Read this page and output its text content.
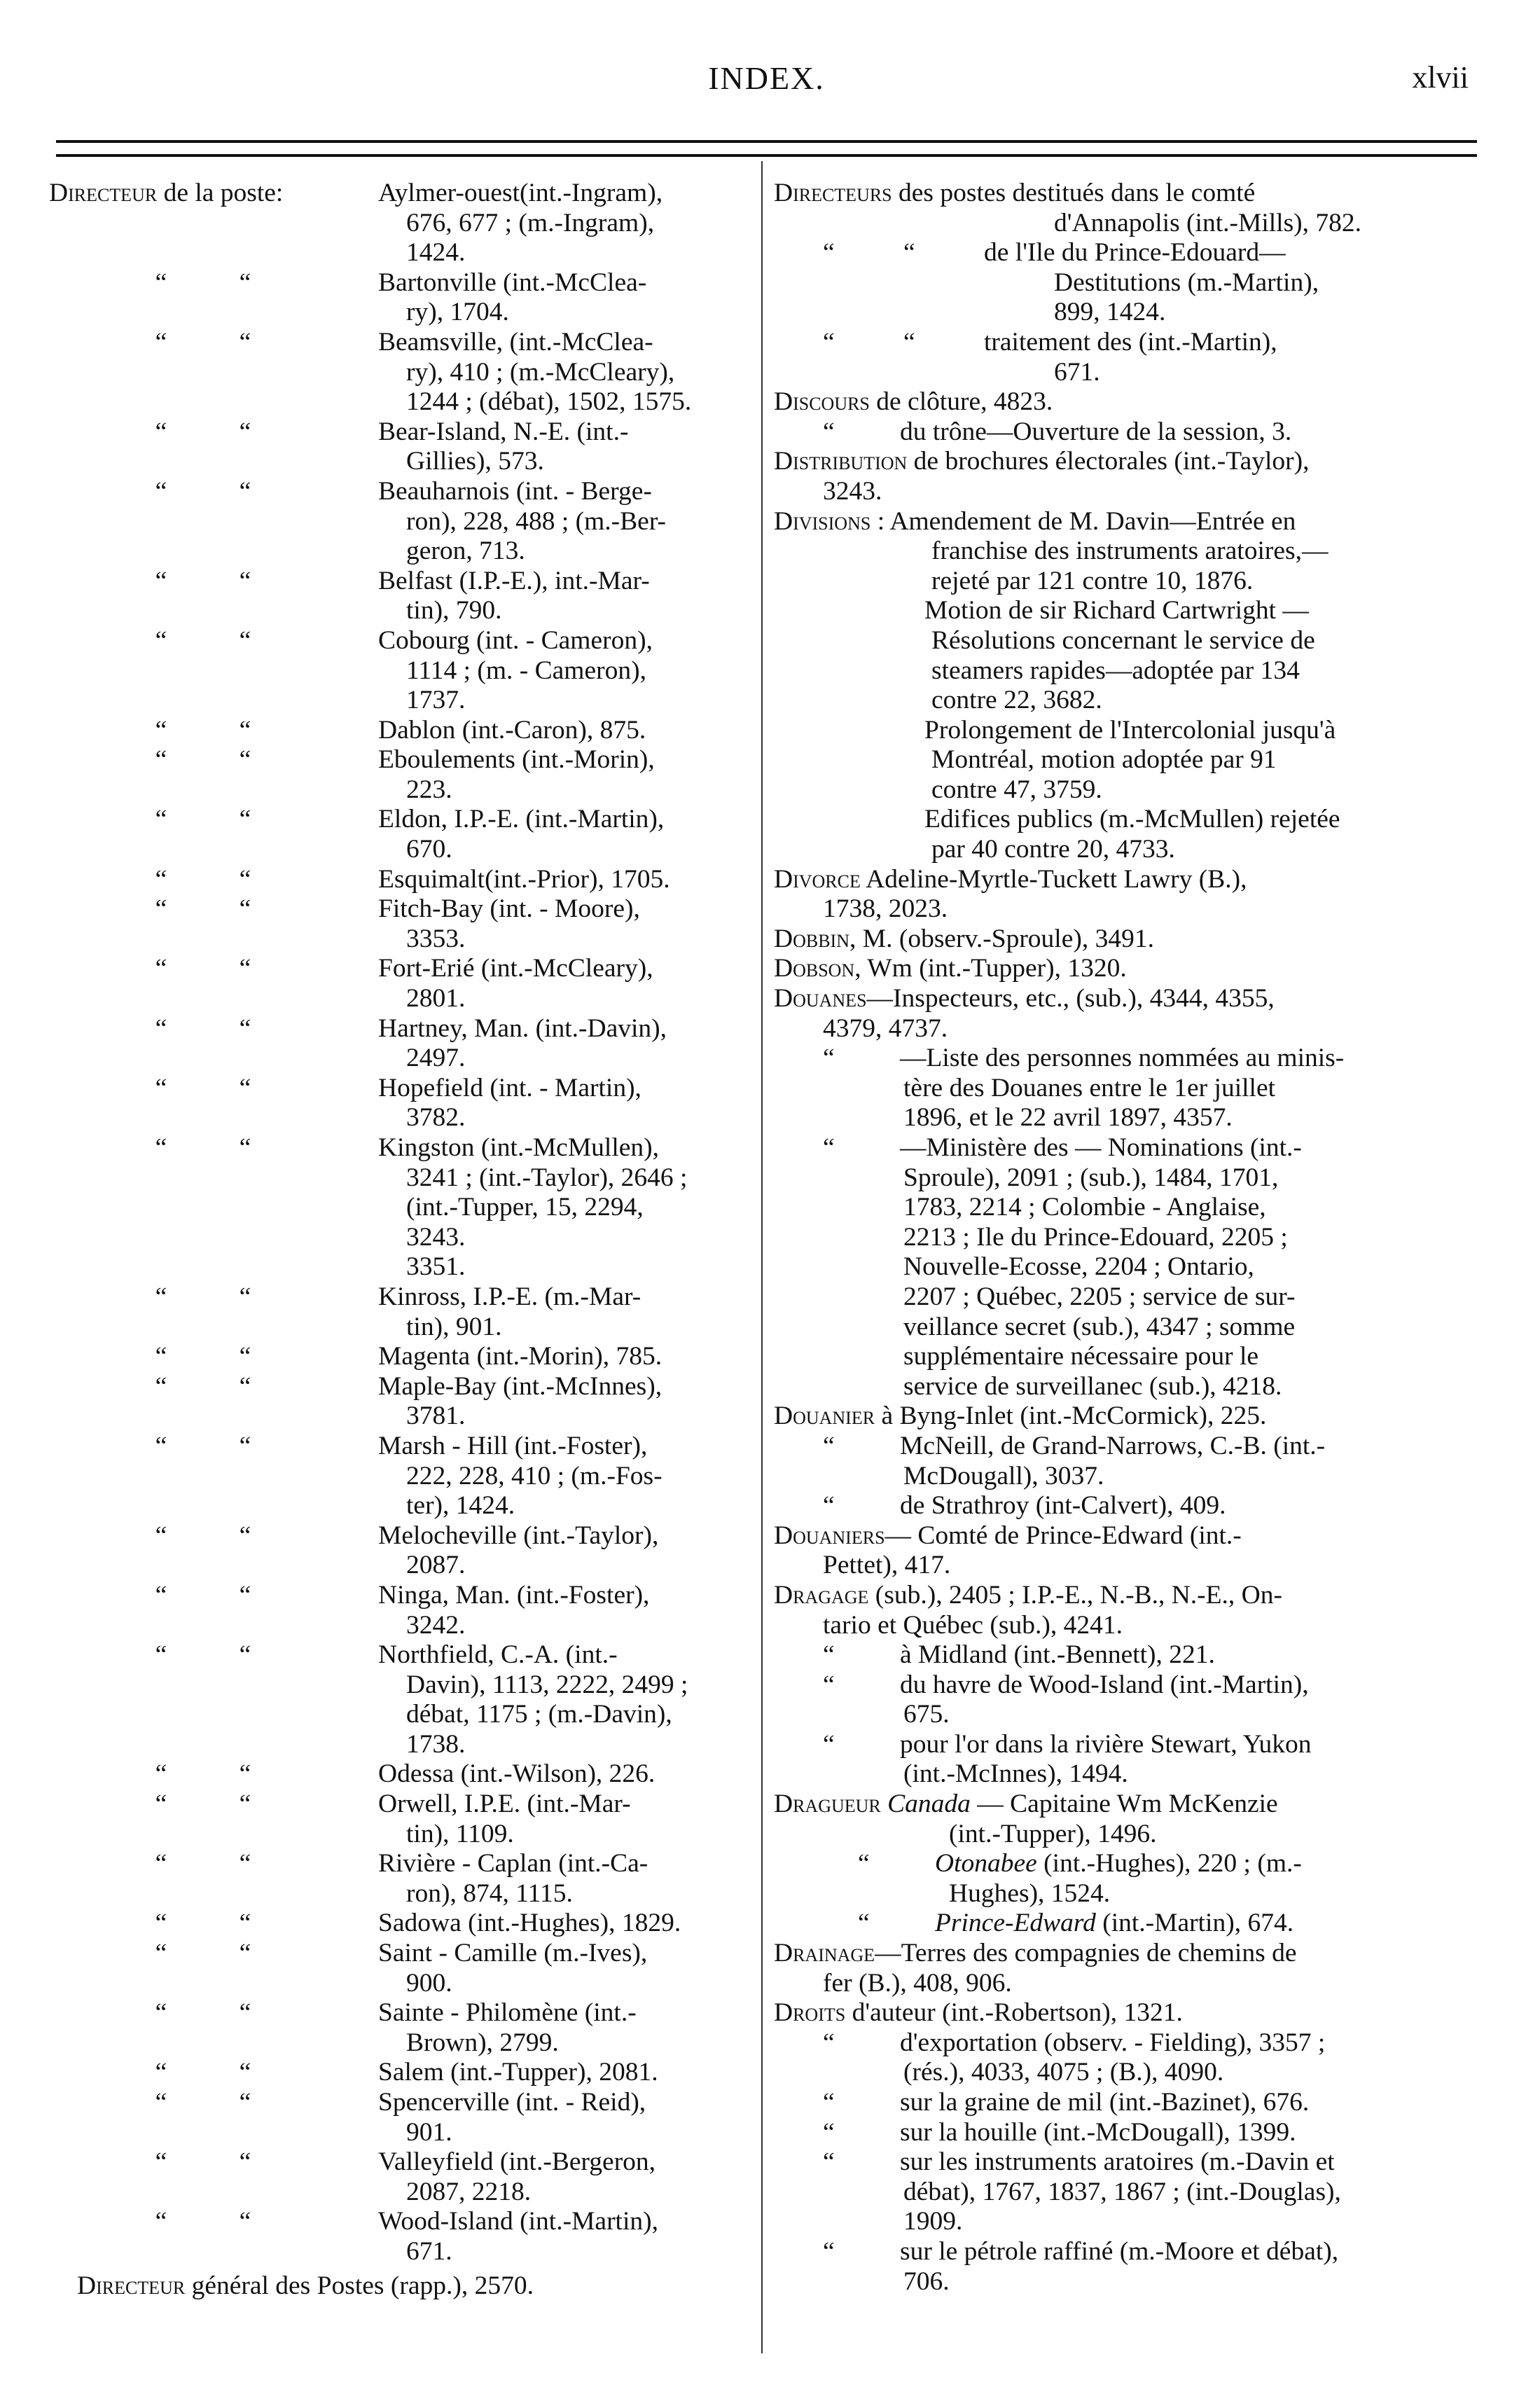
INDEX.	xlvii
Directeur de la poste:	Aylmer-ouest(int.-Ingram),
676, 677 ; (m.-Ingram),
1424.
“	“	Bartonville (int.-McClea-
ry), 1704.
“	“	Beamsville, (int.-McClea-
ry), 410 ; (m.-McCleary),
1244 ; (débat), 1502, 1575.
“	“	Bear-Island, N.-E. (int.-
Gillies), 573.
“	“	Beauharnois (int. - Berge-
ron), 228, 488 ; (m.-Ber-
geron, 713.
“	“	Belfast (I.P.-E.), int.-Mar-
tin), 790.
“	“	Cobourg (int. - Cameron),
1114 ; (m. - Cameron),
1737.
“	“	Dablon (int.-Caron), 875.
“	“	Eboulements (int.-Morin),
223.
“	“	Eldon, I.P.-E. (int.-Martin),
670.
“	“	Esquimalt(int.-Prior), 1705.
“	“	Fitch-Bay (int. - Moore),
3353.
“	“	Fort-Erié (int.-McCleary),
2801.
“	“	Hartney, Man. (int.-Davin),
2497.
“	“	Hopefield (int. - Martin),
3782.
“	“	Kingston (int.-McMullen),
3241 ; (int.-Taylor), 2646 ;
(int.-Tupper, 15, 2294,
3243.
3351.
“	“	Kinross, I.P.-E. (m.-Mar-
tin), 901.
“	“	Magenta (int.-Morin), 785.
“	“	Maple-Bay (int.-McInnes),
3781.
“	“	Marsh - Hill (int.-Foster),
222, 228, 410 ; (m.-Fos-
ter), 1424.
“	“	Melocheville (int.-Taylor),
2087.
“	“	Ninga, Man. (int.-Foster),
3242.
“	“	Northfield, C.-A. (int.-
Davin), 1113, 2222, 2499 ;
débat, 1175 ; (m.-Davin),
1738.
“	“	Odessa (int.-Wilson), 226.
“	“	Orwell, I.P.E. (int.-Mar-
tin), 1109.
“	“	Rivière - Caplan (int.-Ca-
ron), 874, 1115.
“	“	Sadowa (int.-Hughes), 1829.
“	“	Saint - Camille (m.-Ives),
900.
“	“	Sainte - Philomène (int.-
Brown), 2799.
“	“	Salem (int.-Tupper), 2081.
“	“	Spencerville (int. - Reid),
901.
“	“	Valleyfield (int.-Bergeron,
2087, 2218.
“	“	Wood-Island (int.-Martin),
671.
Directeur général des Postes (rapp.), 2570.
Directeurs des postes destitués dans le comté
d'Annapolis (int.-Mills), 782.
“	“	de l'Ile du Prince-Edouard—
Destitutions (m.-Martin),
899, 1424.
“	“	traitement des (int.-Martin),
671.
Discours de clôture, 4823.
“ du trône—Ouverture de la session, 3.
Distribution de brochures électorales (int.-Taylor),
3243.
Divisions : Amendement de M. Davin—Entrée en
franchise des instruments aratoires,—
rejeté par 121 contre 10, 1876.
Motion de sir Richard Cartwright —
Résolutions concernant le service de
steamers rapides—adoptée par 134
contre 22, 3682.
Prolongement de l'Intercolonial jusqu'à
Montréal, motion adoptée par 91
contre 47, 3759.
Edifices publics (m.-McMullen) rejetée
par 40 contre 20, 4733.
Divorce Adeline-Myrtle-Tuckett Lawry (B.),
1738, 2023.
Dobbin, M. (observ.-Sproule), 3491.
Dobson, Wm (int.-Tupper), 1320.
Douanes—Inspecteurs, etc., (sub.), 4344, 4355,
4379, 4737.
“ —Liste des personnes nommées au minis-
tère des Douanes entre le 1er juillet
1896, et le 22 avril 1897, 4357.
“ —Ministère des — Nominations (int.-
Sproule), 2091 ; (sub.), 1484, 1701,
1783, 2214 ; Colombie - Anglaise,
2213 ; Ile du Prince-Edouard, 2205 ;
Nouvelle-Ecosse, 2204 ; Ontario,
2207 ; Québec, 2205 ; service de sur-
veillance secret (sub.), 4347 ; somme
supplémentaire nécessaire pour le
service de surveillanec (sub.), 4218.
Douanier à Byng-Inlet (int.-McCormick), 225.
“ McNeill, de Grand-Narrows, C.-B. (int.-
McDougall), 3037.
“ de Strathroy (int-Calvert), 409.
Douaniers— Comté de Prince-Edward (int.-
Pettet), 417.
Dragage (sub.), 2405 ; I.P.-E., N.-B., N.-E., On-
tario et Québec (sub.), 4241.
“ à Midland (int.-Bennett), 221.
“ du havre de Wood-Island (int.-Martin),
675.
“ pour l'or dans la rivière Stewart, Yukon
(int.-McInnes), 1494.
Dragueur Canada — Capitaine Wm McKenzie
(int.-Tupper), 1496.
“ Otonabee (int.-Hughes), 220 ; (m.-
Hughes), 1524.
“ Prince-Edward (int.-Martin), 674.
Drainage—Terres des compagnies de chemins de
fer (B.), 408, 906.
Droits d'auteur (int.-Robertson), 1321.
“ d'exportation (observ. - Fielding), 3357 ;
(rés.), 4033, 4075 ; (B.), 4090.
“ sur la graine de mil (int.-Bazinet), 676.
“ sur la houille (int.-McDougall), 1399.
“ sur les instruments aratoires (m.-Davin et
débat), 1767, 1837, 1867 ; (int.-Douglas),
1909.
“ sur le pétrole raffiné (m.-Moore et débat),
706.
